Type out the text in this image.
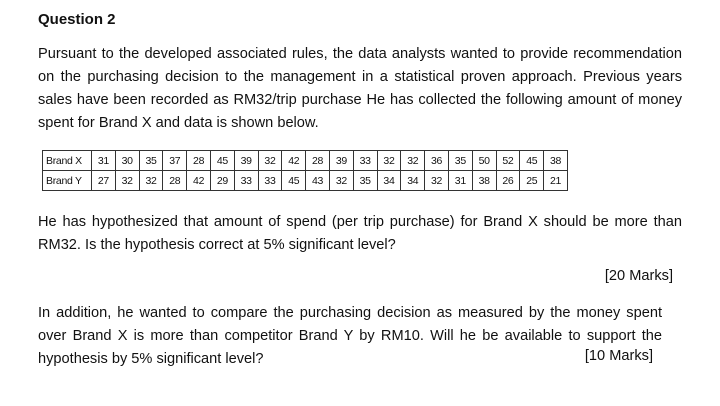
Question 2

Pursuant to the developed associated rules, the data analysts wanted to provide recommendation on the purchasing decision to the management in a statistical proven approach. Previous years sales have been recorded as RM32/trip purchase He has collected the following amount of money spent for Brand X and data is shown below.

Brand X	31	30	35	37	28	45	39	32	42	28	39	33	32	32	36	35	50	52	45	38
Brand Y	27	32	32	28	42	29	33	33	45	43	32	35	34	34	32	31	38	26	25	21

He has hypothesized that amount of spend (per trip purchase) for Brand X should be more than RM32. Is the hypothesis correct at 5% significant level?

[20 Marks]

In addition, he wanted to compare the purchasing decision as measured by the money spent over Brand X is more than competitor Brand Y by RM10. Will he be available to support the hypothesis by 5% significant level?	[10 Marks]
